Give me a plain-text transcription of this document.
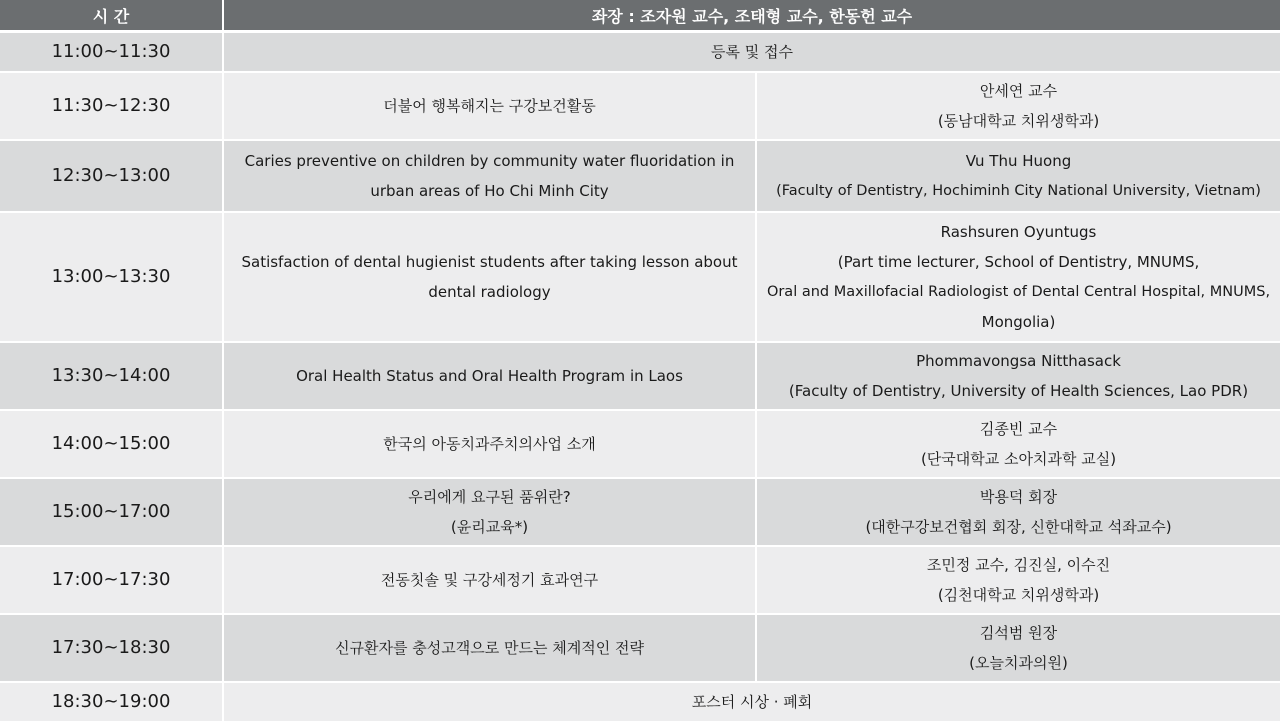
시 간	좌장 : 조자원 교수, 조태형 교수, 한동헌 교수	
11:00~11:30	등록 및 접수	
11:30~12:30	더불어 행복해지는 구강보건활동	안세연 교수
(동남대학교 치위생학과)

12:30~13:00	Caries preventive on children by community water fluoridation in
urban areas of Ho Chi Minh City	Vu Thu Huong
(Faculty of Dentistry, Hochiminh City National University, Vietnam)

13:00~13:30	Satisfaction of dental hugienist students after taking lesson about
dental radiology	Rashsuren Oyuntugs
(Part time lecturer, School of Dentistry, MNUMS,
Oral and Maxillofacial Radiologist of Dental Central Hospital, MNUMS,
Mongolia)

13:30~14:00	Oral Health Status and Oral Health Program in Laos	Phommavongsa Nitthasack
(Faculty of Dentistry, University of Health Sciences, Lao PDR)

14:00~15:00	한국의 아동치과주치의사업 소개	김종빈 교수
(단국대학교 소아치과학 교실)

15:00~17:00	우리에게 요구된 품위란?
(윤리교육*)	박용덕 회장
(대한구강보건협회 회장, 신한대학교 석좌교수)

17:00~17:30	전동칫솔 및 구강세정기 효과연구	조민정 교수, 김진실, 이수진
(김천대학교 치위생학과)

17:30~18:30	신규환자를 충성고객으로 만드는 체계적인 전략	김석범 원장
(오늘치과의원)

18:30~19:00	포스터 시상 · 폐회	
